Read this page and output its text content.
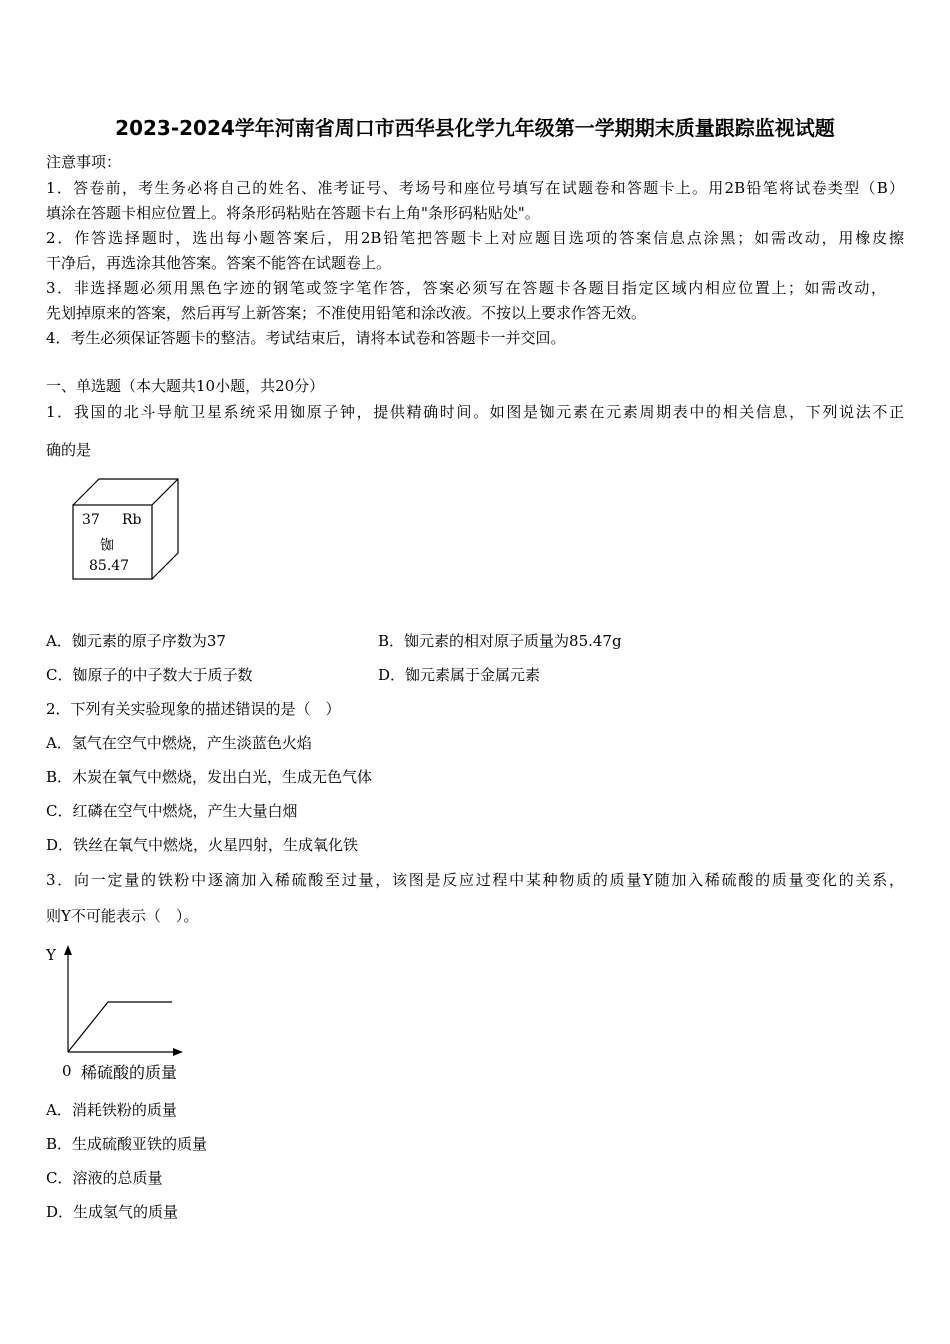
2023-2024学年河南省周口市西华县化学九年级第一学期期末质量跟踪监视试题
注意事项：
1．答卷前，考生务必将自己的姓名、准考证号、考场号和座位号填写在试题卷和答题卡上。用2B铅笔将试卷类型（B）
填涂在答题卡相应位置上。将条形码粘贴在答题卡右上角"条形码粘贴处"。
2．作答选择题时，选出每小题答案后，用2B铅笔把答题卡上对应题目选项的答案信息点涂黑；如需改动，用橡皮擦
干净后，再选涂其他答案。答案不能答在试题卷上。
3．非选择题必须用黑色字迹的钢笔或签字笔作答，答案必须写在答题卡各题目指定区域内相应位置上；如需改动，
先划掉原来的答案，然后再写上新答案；不准使用铅笔和涂改液。不按以上要求作答无效。
4．考生必须保证答题卡的整洁。考试结束后，请将本试卷和答题卡一并交回。
一、单选题（本大题共10小题，共20分）
1．我国的北斗导航卫星系统采用铷原子钟，提供精确时间。如图是铷元素在元素周期表中的相关信息，下列说法不正
确的是
37 Rb
铷
85.47
A．铷元素的原子序数为37	B．铷元素的相对原子质量为85.47g
C．铷原子的中子数大于质子数	D．铷元素属于金属元素
2．下列有关实验现象的描述错误的是（　）
A．氢气在空气中燃烧，产生淡蓝色火焰
B．木炭在氧气中燃烧，发出白光，生成无色气体
C．红磷在空气中燃烧，产生大量白烟
D．铁丝在氧气中燃烧，火星四射，生成氧化铁
3．向一定量的铁粉中逐滴加入稀硫酸至过量，该图是反应过程中某种物质的质量Y随加入稀硫酸的质量变化的关系，
则Y不可能表示（　）。
Y
0 稀硫酸的质量
A．消耗铁粉的质量
B．生成硫酸亚铁的质量
C．溶液的总质量
D．生成氢气的质量
